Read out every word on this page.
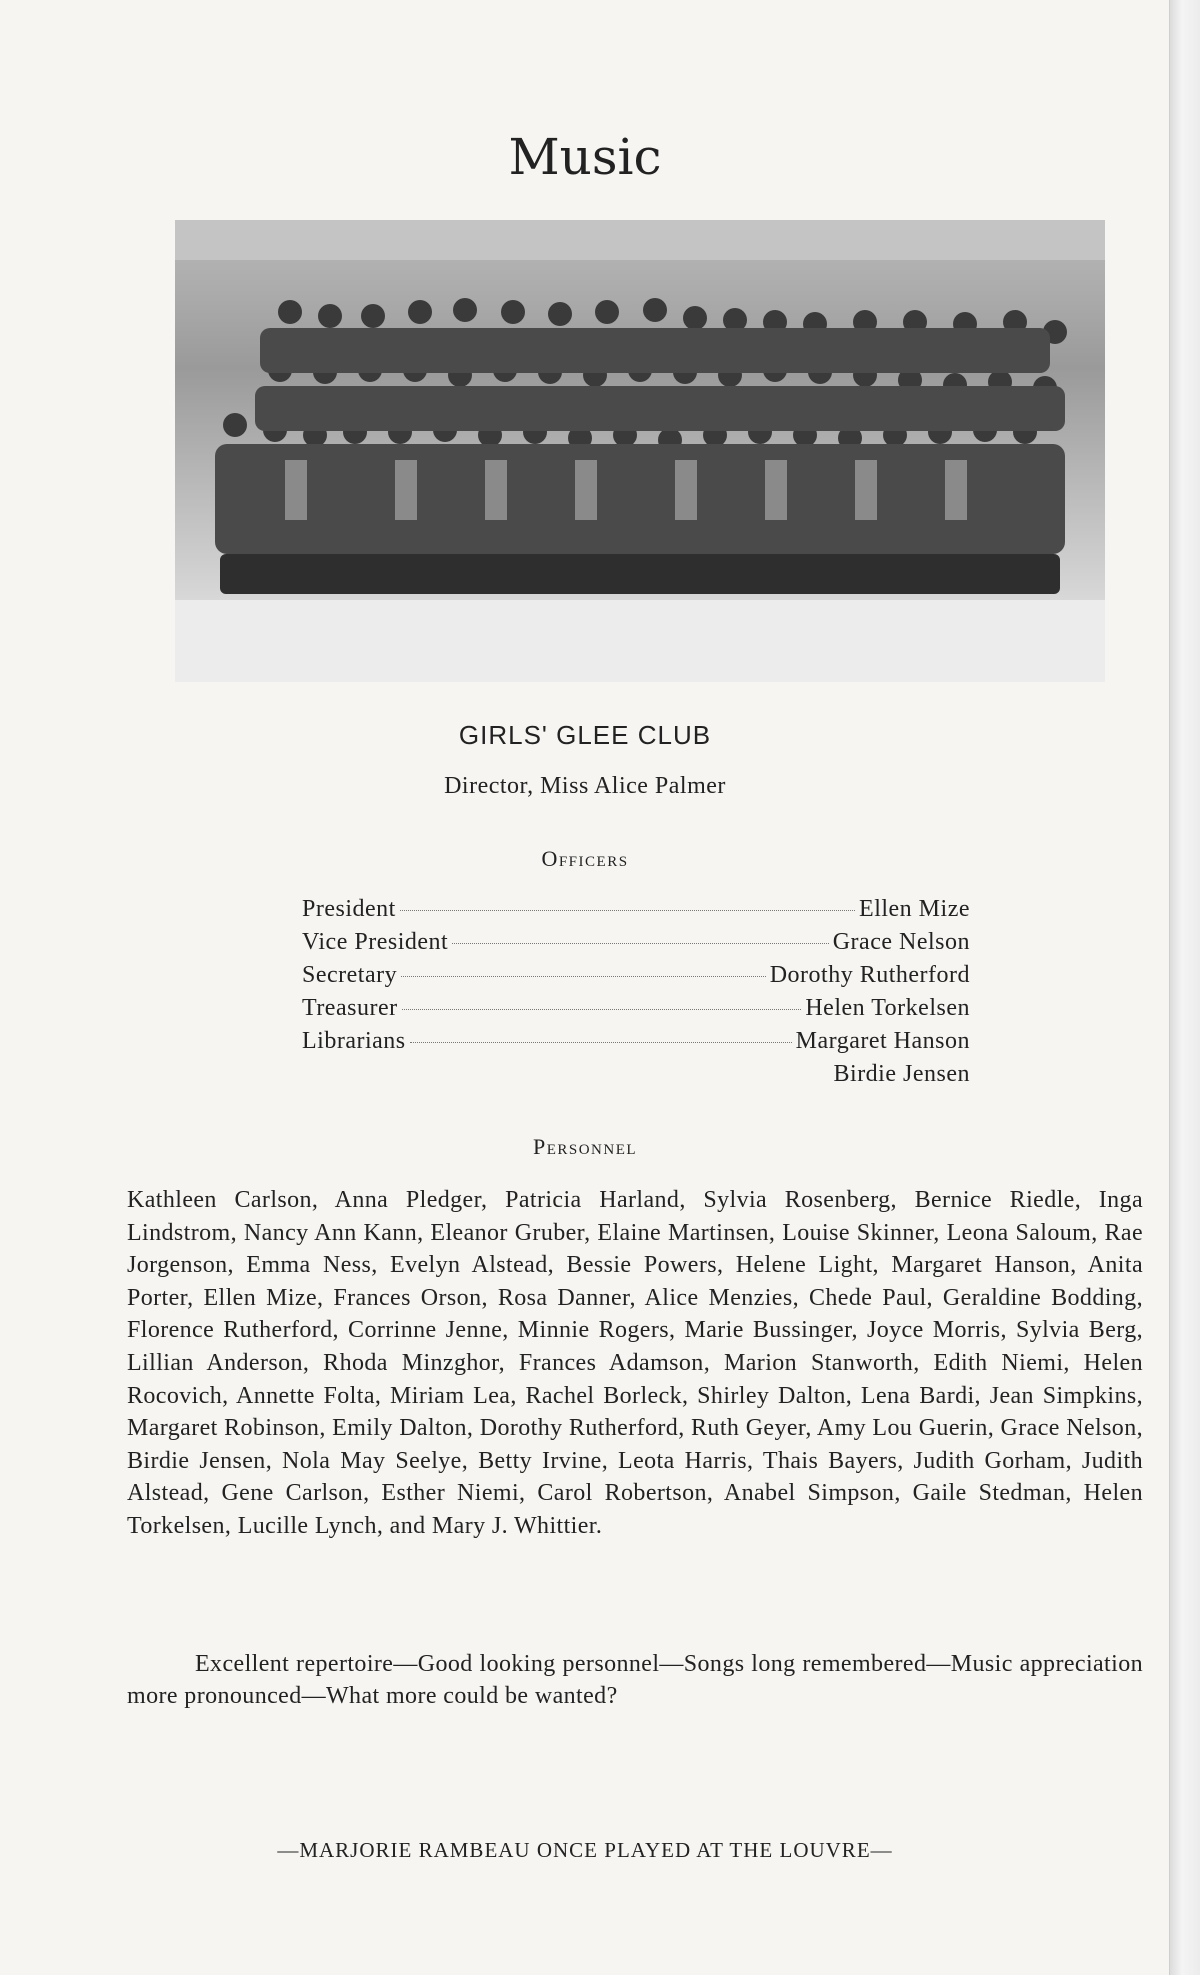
Music

GIRLS' GLEE CLUB

Director, Miss Alice Palmer

Officers

President	Ellen Mize
Vice President	Grace Nelson
Secretary	Dorothy Rutherford
Treasurer	Helen Torkelsen
Librarians	Margaret Hanson
Birdie Jensen

Personnel

Kathleen Carlson, Anna Pledger, Patricia Harland, Sylvia Rosenberg, Bernice Riedle, Inga Lindstrom, Nancy Ann Kann, Eleanor Gruber, Elaine Martinsen, Louise Skinner, Leona Saloum, Rae Jorgenson, Emma Ness, Evelyn Alstead, Bessie Powers, Helene Light, Margaret Hanson, Anita Porter, Ellen Mize, Frances Orson, Rosa Danner, Alice Menzies, Chede Paul, Geraldine Bodding, Florence Rutherford, Corrinne Jenne, Minnie Rogers, Marie Bussinger, Joyce Morris, Sylvia Berg, Lillian Anderson, Rhoda Minzghor, Frances Adamson, Marion Stanworth, Edith Niemi, Helen Rocovich, Annette Folta, Miriam Lea, Rachel Borleck, Shirley Dalton, Lena Bardi, Jean Simpkins, Margaret Robinson, Emily Dalton, Dorothy Rutherford, Ruth Geyer, Amy Lou Guerin, Grace Nelson, Birdie Jensen, Nola May Seelye, Betty Irvine, Leota Harris, Thais Bayers, Judith Gorham, Judith Alstead, Gene Carlson, Esther Niemi, Carol Robertson, Anabel Simpson, Gaile Stedman, Helen Torkelsen, Lucille Lynch, and Mary J. Whittier.

Excellent repertoire—Good looking personnel—Songs long remembered—Music appreciation more pronounced—What more could be wanted?

—MARJORIE RAMBEAU ONCE PLAYED AT THE LOUVRE—
